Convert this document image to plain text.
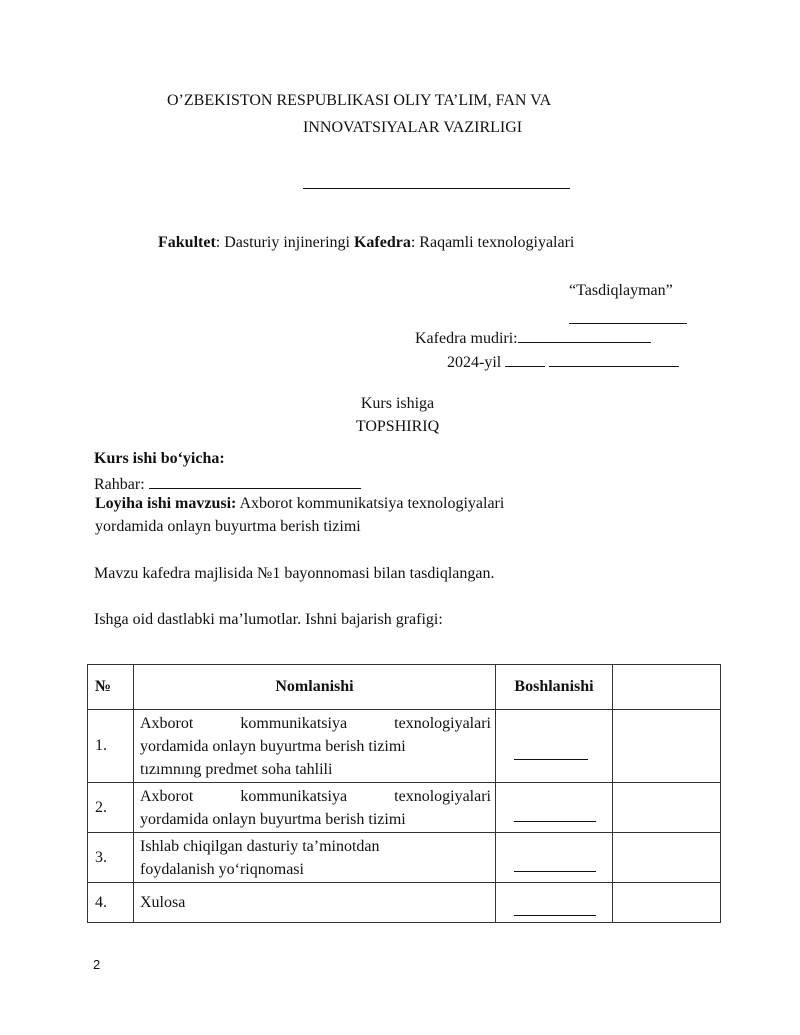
O’ZBEKISTON RESPUBLIKASI OLIY TA’LIM, FAN VA
INNOVATSIYALAR VAZIRLIGI
Fakultet: Dasturiy injineringi Kafedra: Raqamli texnologiyalari
“Tasdiqlayman”
Kafedra mudiri:
2024-yil
Kurs ishiga
TOPSHIRIQ
Kurs ishi bo‘yicha:
Rahbar:
Loyiha ishi mavzusi: Axborot kommunikatsiya texnologiyalari
yordamida onlayn buyurtma berish tizimi
Mavzu kafedra majlisida №1 bayonnomasi bilan tasdiqlangan.
Ishga oid dastlabki ma’lumotlar. Ishni bajarish grafigi:
№	Nomlanishi	Boshlanishi	
1.	Axborot kommunikatsiya texnologiyalari
yordamida onlayn buyurtma berish tizimi
tızımnıng predmet soha tahlili		

2.	Axborot kommunikatsiya texnologiyalari
yordamida onlayn buyurtma berish tizimi		

3.	Ishlab chiqilgan dasturiy ta’minotdan
foydalanish yo‘riqnomasi		

4.	Xulosa		

2
